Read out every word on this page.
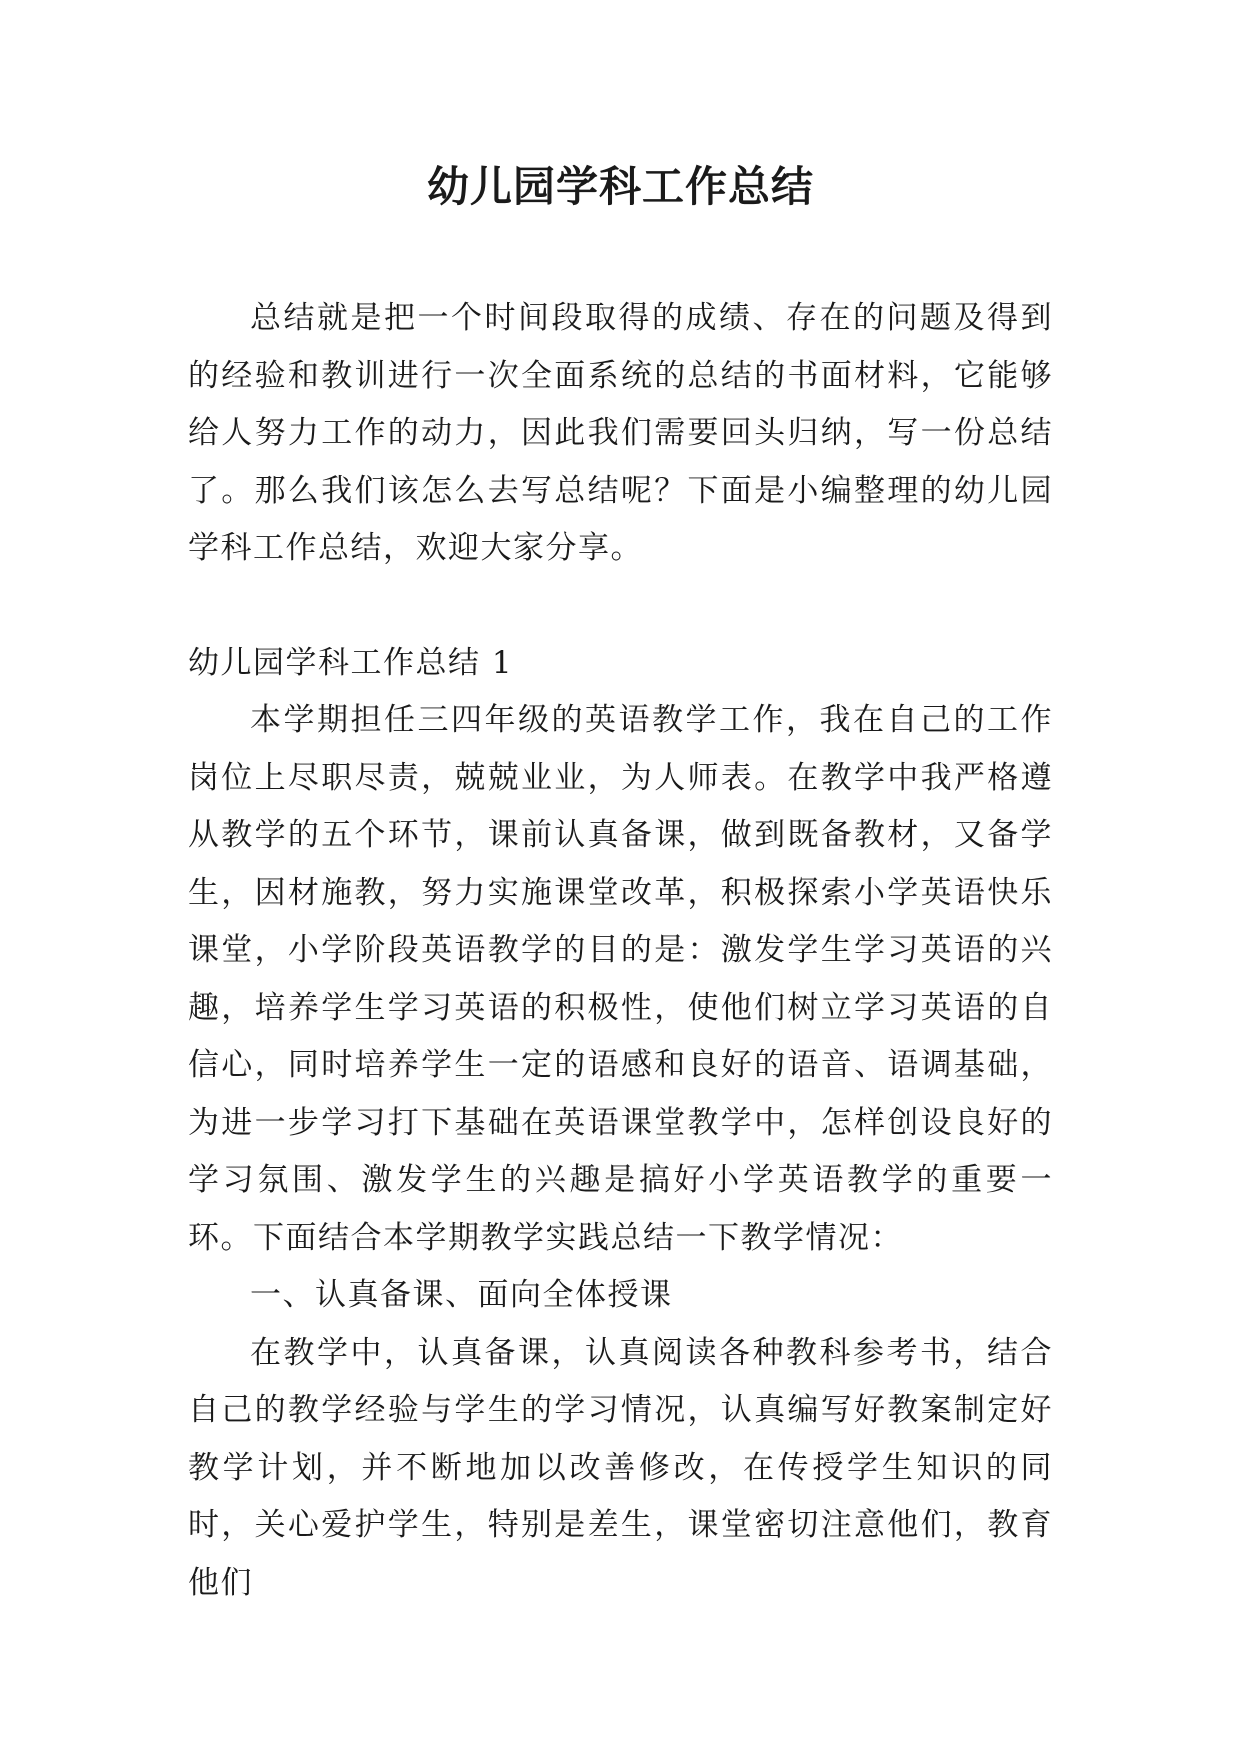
幼儿园学科工作总结

总结就是把一个时间段取得的成绩、存在的问题及得到的经验和教训进行一次全面系统的总结的书面材料，它能够给人努力工作的动力，因此我们需要回头归纳，写一份总结了。那么我们该怎么去写总结呢？下面是小编整理的幼儿园学科工作总结，欢迎大家分享。

幼儿园学科工作总结 1

本学期担任三四年级的英语教学工作，我在自己的工作岗位上尽职尽责，兢兢业业，为人师表。在教学中我严格遵从教学的五个环节，课前认真备课，做到既备教材，又备学生，因材施教，努力实施课堂改革，积极探索小学英语快乐课堂，小学阶段英语教学的目的是：激发学生学习英语的兴趣，培养学生学习英语的积极性，使他们树立学习英语的自信心，同时培养学生一定的语感和良好的语音、语调基础，为进一步学习打下基础在英语课堂教学中，怎样创设良好的学习氛围、激发学生的兴趣是搞好小学英语教学的重要一环。下面结合本学期教学实践总结一下教学情况：

一、认真备课、面向全体授课

在教学中，认真备课，认真阅读各种教科参考书，结合自己的教学经验与学生的学习情况，认真编写好教案制定好教学计划，并不断地加以改善修改，在传授学生知识的同时，关心爱护学生，特别是差生，课堂密切注意他们，教育他们
